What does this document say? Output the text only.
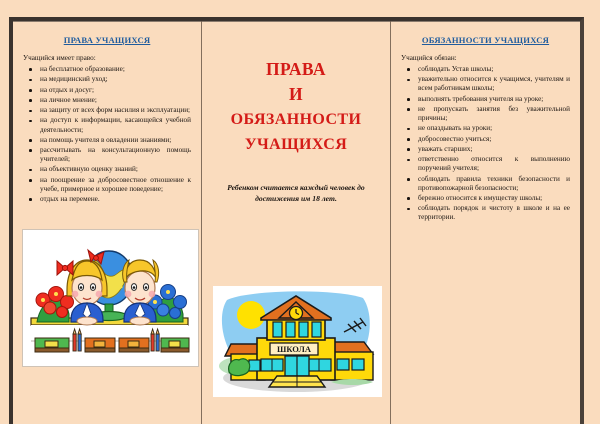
ПРАВА УЧАЩИХСЯ

Учащийся имеет право:

на бесплатное образование;
на медицинский уход;
на отдых и досуг;
на личное мнение;
на защиту от всех форм насилия и эксплуатации;
на доступ к информации, касающейся учебной деятельности;
на помощь учителя в овладении знаниями;
рассчитывать на консультационную помощь учителей;
на объективную оценку знаний;
на поощрение за добросовестное отношение к учебе, примерное и хорошее поведение;
отдых на перемене.
ПРАВА
И
ОБЯЗАННОСТИ
УЧАЩИХСЯ
Ребенком считается каждый человек до достижения им 18 лет.
ШКОЛА
ОБЯЗАННОСТИ УЧАЩИХСЯ

Учащийся обязан:

соблюдать Устав школы;
уважительно относится к учащимся, учителям и всем работникам школы;
выполнять требования учителя на уроке;
не пропускать занятия без уважительной причины;
не опаздывать на уроки;
добросовестно учиться;
уважать старших;
ответственно относится к выполнению поручений учителя;
соблюдать правила техники безопасности и противопожарной безопасности;
бережно относится к имуществу школы;
соблюдать порядок и чистоту в школе и на ее территории.
